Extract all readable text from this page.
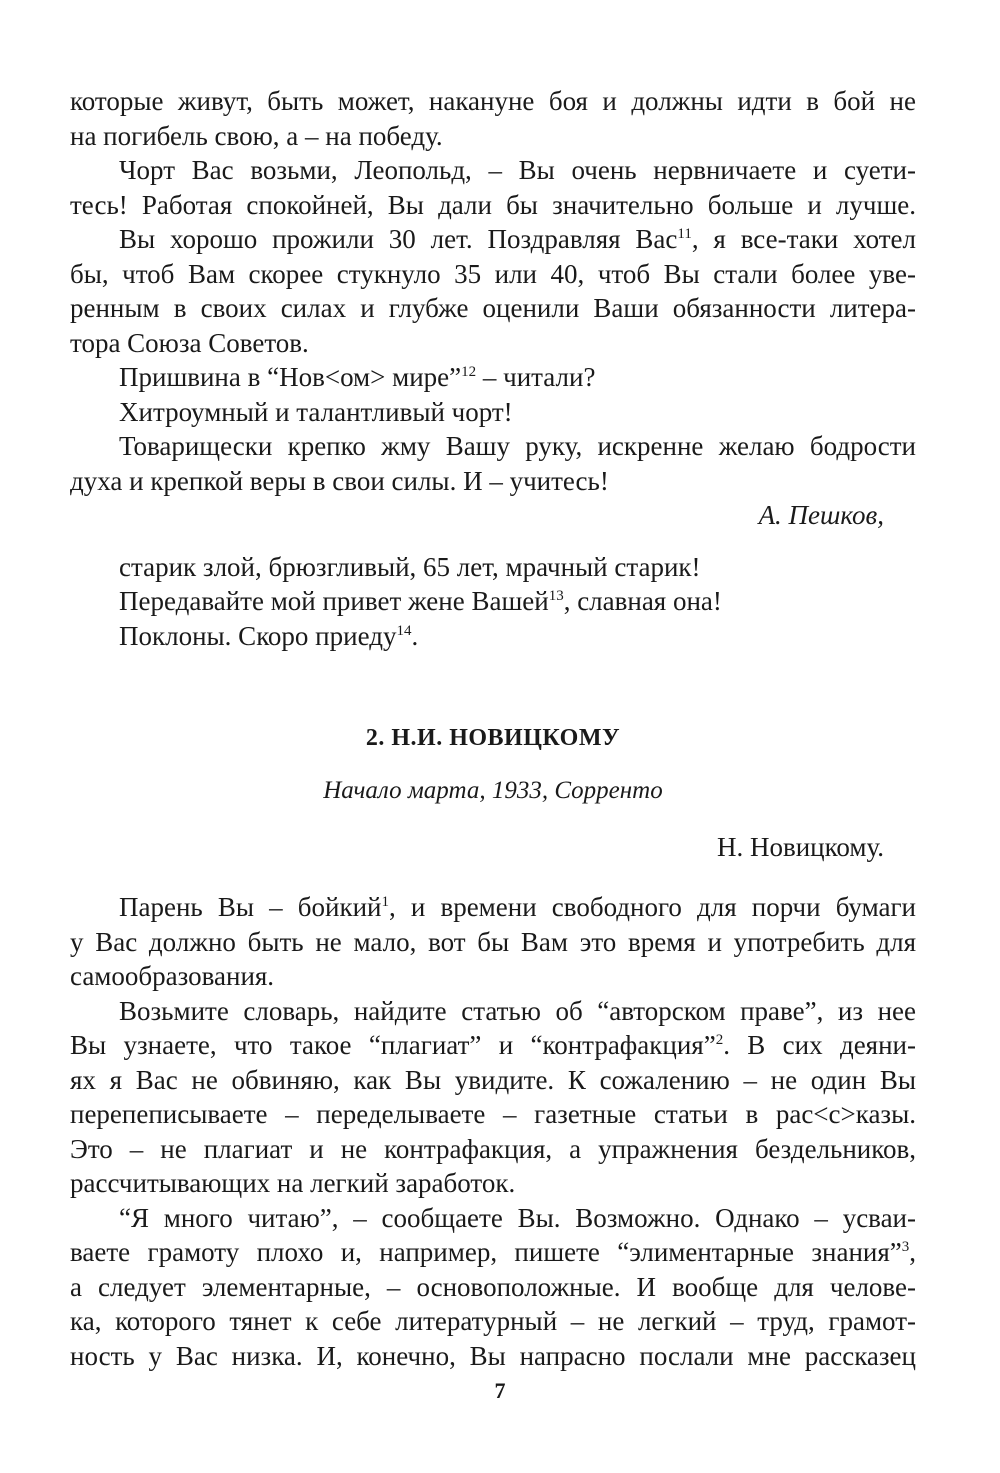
которые живут, быть может, накануне боя и должны идти в бой не
на погибель свою, а – на победу.
Чорт Вас возьми, Леопольд, – Вы очень нервничаете и суети-
тесь! Работая спокойней, Вы дали бы значительно больше и лучше.
Вы хорошо прожили 30 лет. Поздравляя Вас$^{11}$, я все-таки хотел
бы, чтоб Вам скорее стукнуло 35 или 40, чтоб Вы стали более уве-
ренным в своих силах и глубже оценили Ваши обязанности литера-
тора Союза Советов.
Пришвина в “Нов<ом> мире”$^{12}$ – читали?
Хитроумный и талантливый чорт!
Товарищески крепко жму Вашу руку, искренне желаю бодрости
духа и крепкой веры в свои силы. И – учитесь!
А. Пешков,
старик злой, брюзгливый, 65 лет, мрачный старик!
Передавайте мой привет жене Вашей$^{13}$, славная она!
Поклоны. Скоро приеду$^{14}$.
2. Н.И. НОВИЦКОМУ
Начало марта, 1933, Сорренто
Н. Новицкому.
Парень Вы – бойкий$^1$, и времени свободного для порчи бумаги
у Вас должно быть не мало, вот бы Вам это время и употребить для
самообразования.
Возьмите словарь, найдите статью об “авторском праве”, из нее
Вы узнаете, что такое “плагиат” и “контрафакция”$^2$. В сих деяни-
ях я Вас не обвиняю, как Вы увидите. К сожалению – не один Вы
перепеписываете – переделываете – газетные статьи в рас<с>казы.
Это – не плагиат и не контрафакция, а упражнения бездельников,
рассчитывающих на легкий заработок.
“Я много читаю”, – сообщаете Вы. Возможно. Однако – усваи-
ваете грамоту плохо и, например, пишете “элиментарные знания”$^3$,
а следует элементарные, – основоположные. И вообще для челове-
ка, которого тянет к себе литературный – не легкий – труд, грамот-
ность у Вас низка. И, конечно, Вы напрасно послали мне рассказец
7
